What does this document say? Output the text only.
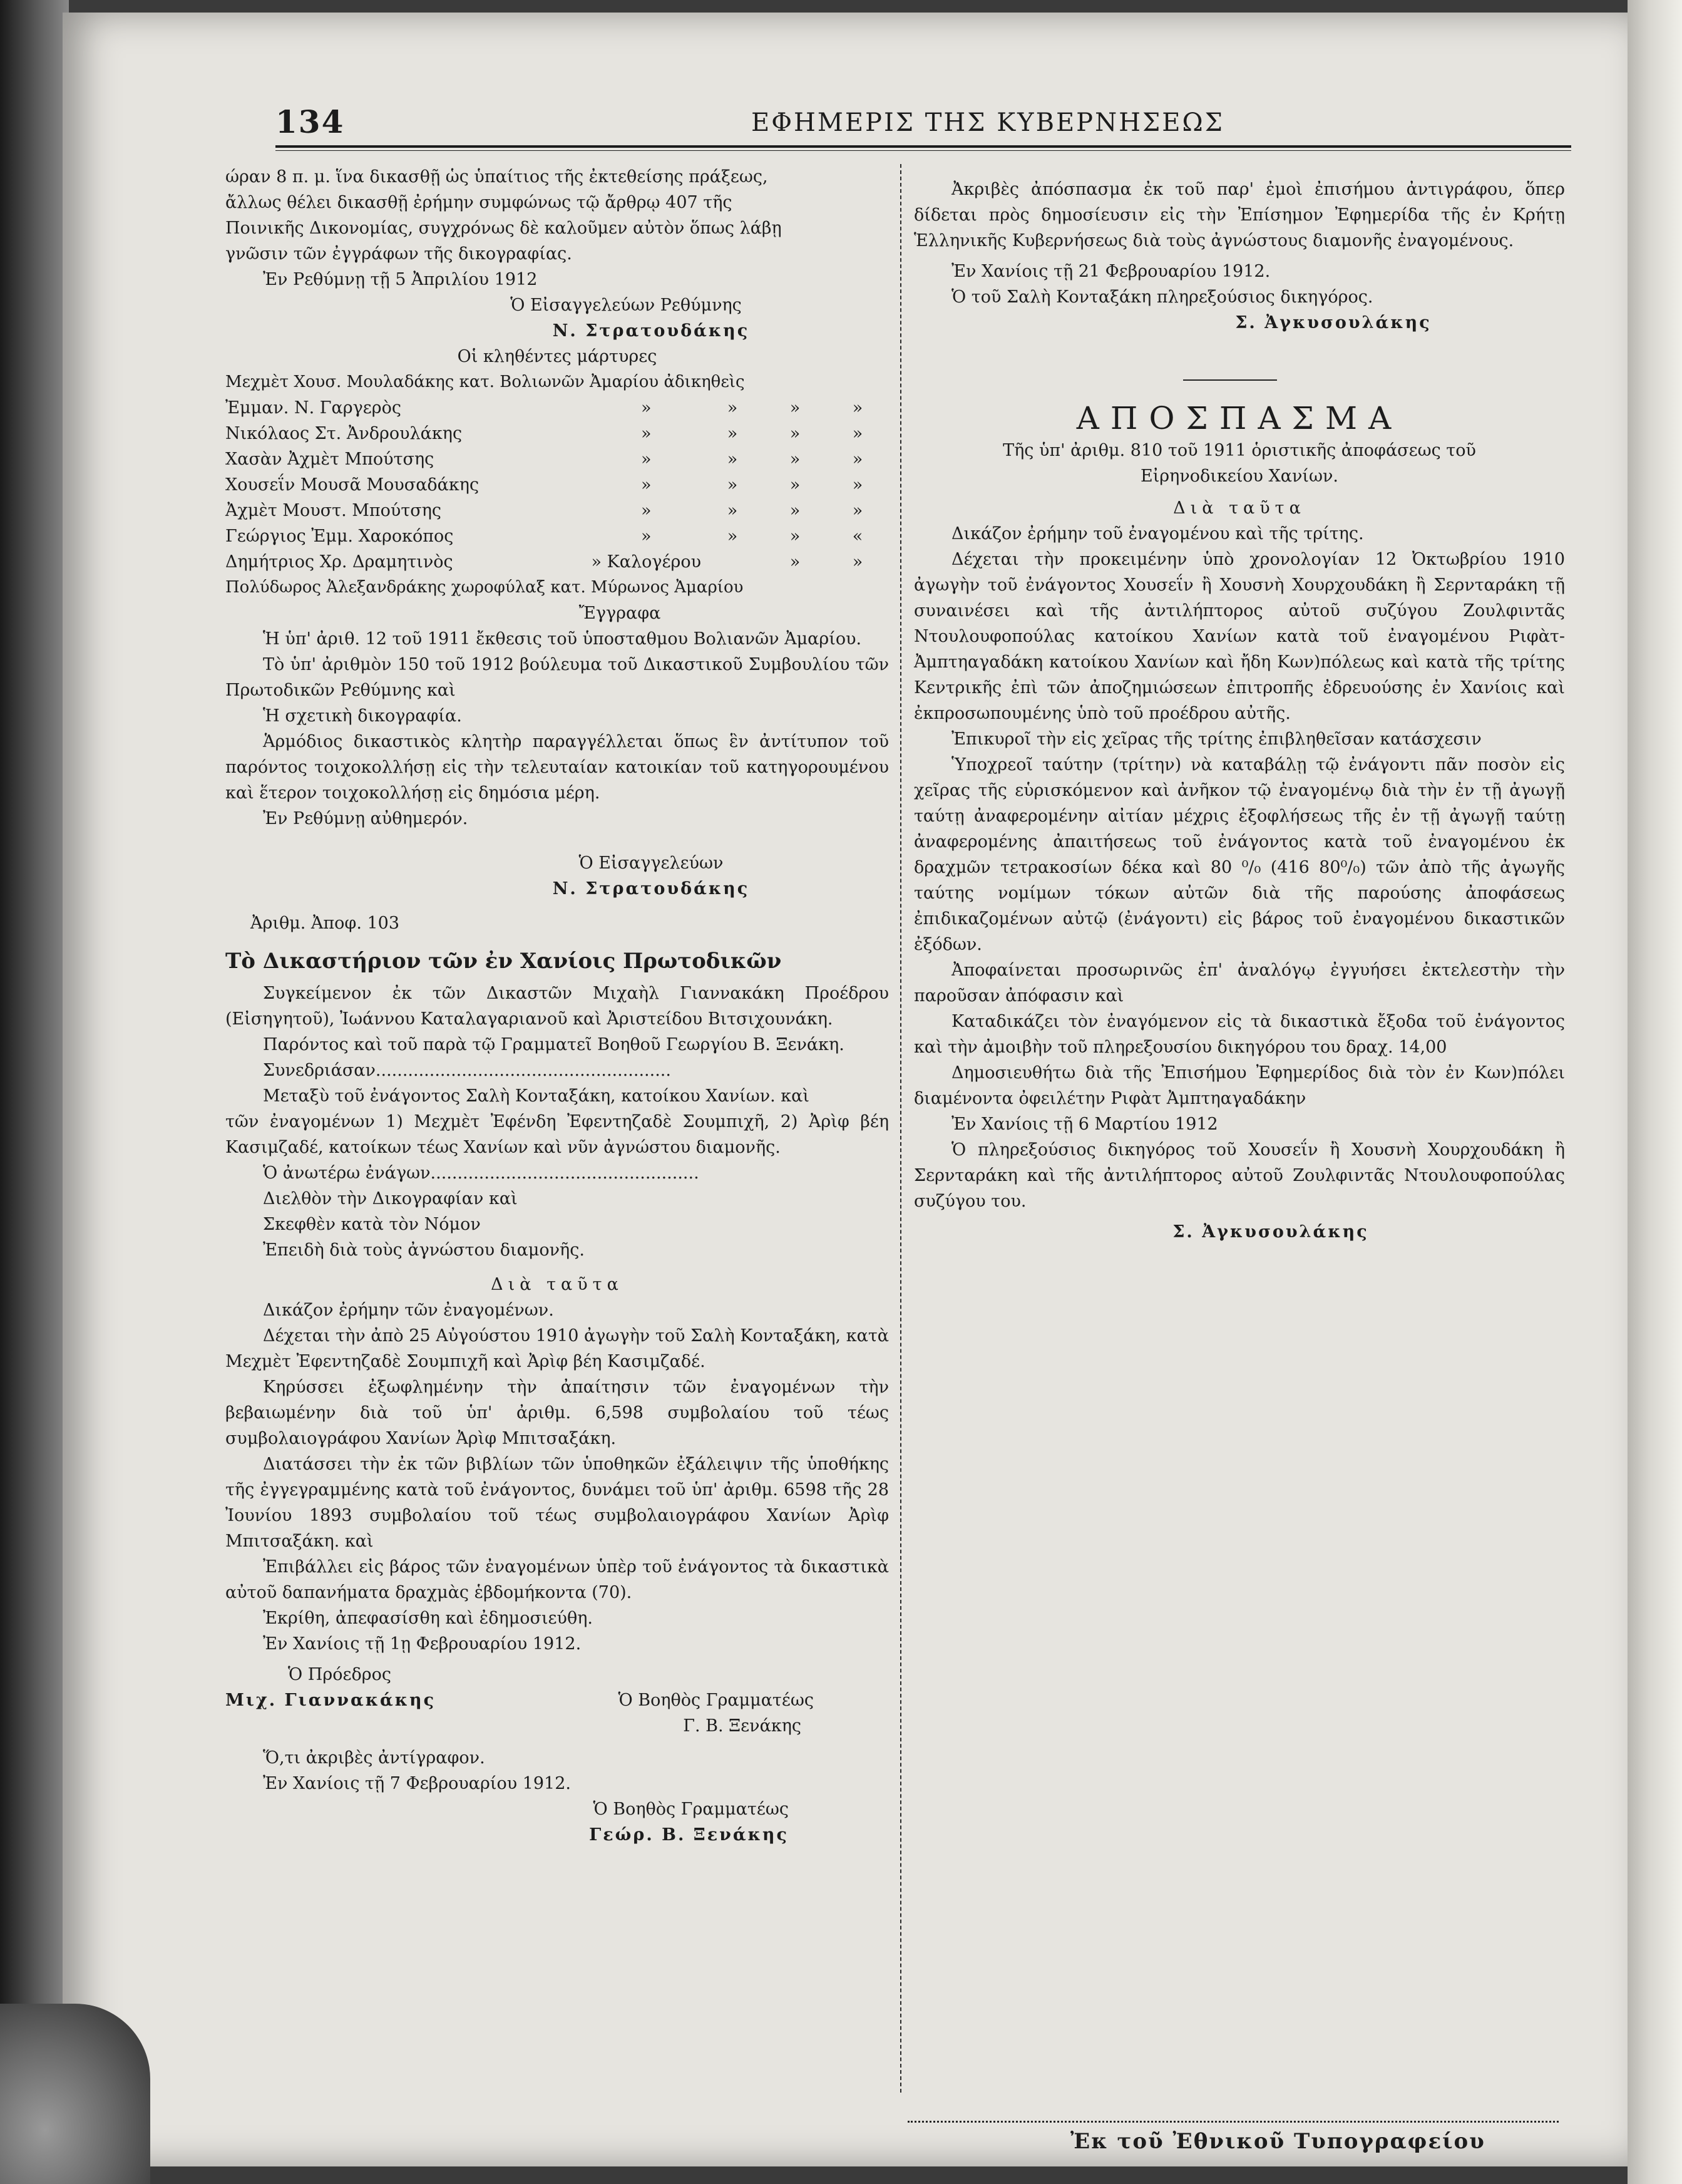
134	ΕΦΗΜΕΡΙΣ ΤΗΣ ΚΥΒΕΡΝΗΣΕΩΣ

ώραν 8 π. μ. ἵνα δικασθῇ ὡς ὑπαίτιος τῆς ἐκτεθείσης πράξεως,

ἄλλως θέλει δικασθῇ ἐρήμην συμφώνως τῷ ἄρθρῳ 407 τῆς

Ποινικῆς Δικονομίας, συγχρόνως δὲ καλοῦμεν αὐτὸν ὅπως λάβῃ

γνῶσιν τῶν ἐγγράφων τῆς δικογραφίας.

Ἐν Ρεθύμνῃ τῇ 5 Ἀπριλίου 1912

Ὁ Εἰσαγγελεύων Ρεθύμνης

Ν. Στρατουδάκης

Οἱ κληθέντες μάρτυρες

Μεχμὲτ Χουσ. Μουλαδάκης κατ. Βολιωνῶν Ἀμαρίου ἀδικηθεὶς

Ἐμμαν. Ν. Γαργερὸς	»	»	»	»
Νικόλαος Στ. Ἀνδρουλάκης	»	»	»	»
Χασὰν Ἀχμὲτ Μπούτσης	»	»	»	»
Χουσεΐν Μουσᾶ Μουσαδάκης	»	»	»	»
Ἀχμὲτ Μουστ. Μπούτσης	»	»	»	»
Γεώργιος Ἐμμ. Χαροκόπος	»	»	»	«
Δημήτριος Χρ. Δραμητινὸς	» Καλογέρου		»	»

Πολύδωρος Ἀλεξανδράκης χωροφύλαξ κατ. Μύρωνος Ἀμαρίου

Ἔγγραφα

Ἡ ὑπ' ἀριθ. 12 τοῦ 1911 ἔκθεσις τοῦ ὑποσταθμου Βολιανῶν Ἀμαρίου.

Τὸ ὑπ' ἀριθμὸν 150 τοῦ 1912 βούλευμα τοῦ Δικαστικοῦ Συμβουλίου τῶν Πρωτοδικῶν Ρεθύμνης καὶ

Ἡ σχετικὴ δικογραφία.

Ἁρμόδιος δικαστικὸς κλητὴρ παραγγέλλεται ὅπως ἓν ἀντίτυπον τοῦ παρόντος τοιχοκολλήσῃ εἰς τὴν τελευταίαν κατοικίαν τοῦ κατηγορουμένου καὶ ἕτερον τοιχοκολλήσῃ εἰς δημόσια μέρη.

Ἐν Ρεθύμνῃ αὐθημερόν.

Ὁ Εἰσαγγελεύων

Ν. Στρατουδάκης

Ἀριθμ. Ἀποφ. 103

Τὸ Δικαστήριον τῶν ἐν Χανίοις Πρωτοδικῶν

Συγκείμενον ἐκ τῶν Δικαστῶν Μιχαὴλ Γιαννακάκη Προέδρου (Εἰσηγητοῦ), Ἰωάννου Καταλαγαριανοῦ καὶ Ἀριστείδου Βιτσιχουνάκη.

Παρόντος καὶ τοῦ παρὰ τῷ Γραμματεῖ Βοηθοῦ Γεωργίου Β. Ξενάκη.

Συνεδριάσαν.......................................................

Μεταξὺ τοῦ ἐνάγοντος Σαλὴ Κονταξάκη, κατοίκου Χανίων. καὶ

τῶν ἐναγομένων 1) Μεχμὲτ Ἐφένδη Ἐφεντηζαδὲ Σουμπιχῆ, 2) Ἀρὶφ βέη Κασιμζαδέ, κατοίκων τέως Χανίων καὶ νῦν ἀγνώστου διαμονῆς.

Ὁ ἀνωτέρω ἐνάγων..................................................

Διελθὸν τὴν Δικογραφίαν καὶ

Σκεφθὲν κατὰ τὸν Νόμον

Ἐπειδὴ διὰ τοὺς ἀγνώστου διαμονῆς.

Διὰ ταῦτα

Δικάζον ἐρήμην τῶν ἐναγομένων.

Δέχεται τὴν ἀπὸ 25 Αὐγούστου 1910 ἀγωγὴν τοῦ Σαλὴ Κονταξάκη, κατὰ Μεχμὲτ Ἐφεντηζαδὲ Σουμπιχῆ καὶ Ἀρὶφ βέη Κασιμζαδέ.

Κηρύσσει ἐξωφλημένην τὴν ἀπαίτησιν τῶν ἐναγομένων τὴν βεβαιωμένην διὰ τοῦ ὑπ' ἀριθμ. 6,598 συμβολαίου τοῦ τέως συμβολαιογράφου Χανίων Ἀρὶφ Μπιτσαξάκη.

Διατάσσει τὴν ἐκ τῶν βιβλίων τῶν ὑποθηκῶν ἐξάλειψιν τῆς ὑποθήκης τῆς ἐγγεγραμμένης κατὰ τοῦ ἐνάγοντος, δυνάμει τοῦ ὑπ' ἀριθμ. 6598 τῆς 28 Ἰουνίου 1893 συμβολαίου τοῦ τέως συμβολαιογράφου Χανίων Ἀρὶφ Μπιτσαξάκη. καὶ

Ἐπιβάλλει εἰς βάρος τῶν ἐναγομένων ὑπὲρ τοῦ ἐνάγοντος τὰ δικαστικὰ αὐτοῦ δαπανήματα δραχμὰς ἑβδομήκοντα (70).

Ἐκρίθη, ἀπεφασίσθη καὶ ἐδημοσιεύθη.

Ἐν Χανίοις τῇ 1ῃ Φεβρουαρίου 1912.

Ὁ Πρόεδρος

Μιχ. Γιαννακάκης	Ὁ Βοηθὸς Γραμματέως

Γ. Β. Ξενάκης

Ὅ,τι ἀκριβὲς ἀντίγραφον.

Ἐν Χανίοις τῇ 7 Φεβρουαρίου 1912.

Ὁ Βοηθὸς Γραμματέως

Γεώρ. Β. Ξενάκης

Ἀκριβὲς ἀπόσπασμα ἐκ τοῦ παρ' ἐμοὶ ἐπισήμου ἀντιγράφου, ὅπερ δίδεται πρὸς δημοσίευσιν εἰς τὴν Ἐπίσημον Ἐφημερίδα τῆς ἐν Κρήτῃ Ἑλληνικῆς Κυβερνήσεως διὰ τοὺς ἀγνώστους διαμονῆς ἐναγομένους.

Ἐν Χανίοις τῇ 21 Φεβρουαρίου 1912.

Ὁ τοῦ Σαλὴ Κονταξάκη πληρεξούσιος δικηγόρος.

Σ. Ἀγκυσουλάκης

ΑΠΟΣΠΑΣΜΑ

Τῆς ὑπ' ἀριθμ. 810 τοῦ 1911 ὁριστικῆς ἀποφάσεως τοῦ Εἰρηνοδικείου Χανίων.

Διὰ ταῦτα

Δικάζον ἐρήμην τοῦ ἐναγομένου καὶ τῆς τρίτης.

Δέχεται τὴν προκειμένην ὑπὸ χρονολογίαν 12 Ὀκτωβρίου 1910 ἀγωγὴν τοῦ ἐνάγοντος Χουσεΐν ἢ Χουσνὴ Χουρχουδάκη ἢ Σερνταράκη τῇ συναινέσει καὶ τῆς ἀντιλήπτορος αὐτοῦ συζύγου Ζουλφιντᾶς Ντουλουφοπούλας κατοίκου Χανίων κατὰ τοῦ ἐναγομένου Ριφὰτ-Ἀμπτηαγαδάκη κατοίκου Χανίων καὶ ἤδη Κων)πόλεως καὶ κατὰ τῆς τρίτης Κεντρικῆς ἐπὶ τῶν ἀποζημιώσεων ἐπιτροπῆς ἐδρευούσης ἐν Χανίοις καὶ ἐκπροσωπουμένης ὑπὸ τοῦ προέδρου αὐτῆς.

Ἐπικυροῖ τὴν εἰς χεῖρας τῆς τρίτης ἐπιβληθεῖσαν κατάσχεσιν

Ὑποχρεοῖ ταύτην (τρίτην) νὰ καταβάλῃ τῷ ἐνάγοντι πᾶν ποσὸν εἰς χεῖρας τῆς εὑρισκόμενον καὶ ἀνῆκον τῷ ἐναγομένῳ διὰ τὴν ἐν τῇ ἀγωγῇ ταύτῃ ἀναφερομένην αἰτίαν μέχρις ἐξοφλήσεως τῆς ἐν τῇ ἀγωγῇ ταύτῃ ἀναφερομένης ἀπαιτήσεως τοῦ ἐνάγοντος κατὰ τοῦ ἐναγομένου ἐκ δραχμῶν τετρακοσίων δέκα καὶ 80 ⁰/₀ (416 80⁰/₀) τῶν ἀπὸ τῆς ἀγωγῆς ταύτης νομίμων τόκων αὐτῶν διὰ τῆς παρούσης ἀποφάσεως ἐπιδικαζομένων αὐτῷ (ἐνάγοντι) εἰς βάρος τοῦ ἐναγομένου δικαστικῶν ἐξόδων.

Ἀποφαίνεται προσωρινῶς ἐπ' ἀναλόγῳ ἐγγυήσει ἐκτελεστὴν τὴν παροῦσαν ἀπόφασιν καὶ

Καταδικάζει τὸν ἐναγόμενον εἰς τὰ δικαστικὰ ἔξοδα τοῦ ἐνάγοντος καὶ τὴν ἀμοιβὴν τοῦ πληρεξουσίου δικηγόρου του δραχ. 14,00

Δημοσιευθήτω διὰ τῆς Ἐπισήμου Ἐφημερίδος διὰ τὸν ἐν Κων)πόλει διαμένοντα ὀφειλέτην Ριφὰτ Ἀμπτηαγαδάκην

Ἐν Χανίοις τῇ 6 Μαρτίου 1912

Ὁ πληρεξούσιος δικηγόρος τοῦ Χουσεΐν ἢ Χουσνὴ Χουρχουδάκη ἢ Σερνταράκη καὶ τῆς ἀντιλήπτορος αὐτοῦ Ζουλφιντᾶς Ντουλουφοπούλας συζύγου του.

Σ. Ἀγκυσουλάκης

Ἐκ τοῦ Ἐθνικοῦ Τυπογραφείου
